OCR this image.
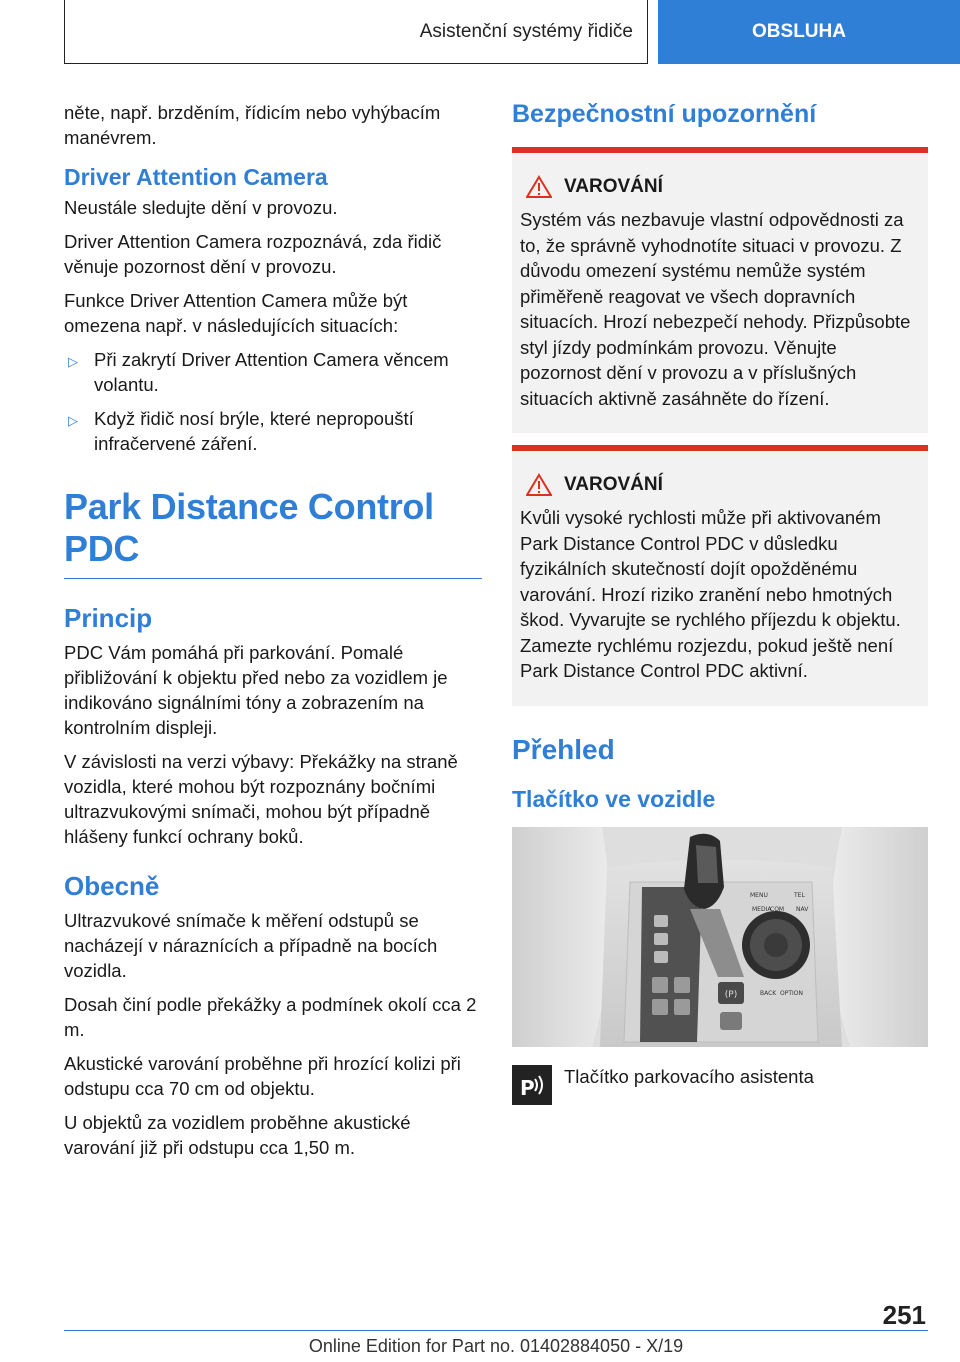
Asistenční systémy řidiče	OBSLUHA

něte, např. brzděním, řídicím nebo vyhýbacím manévrem.

Driver Attention Camera

Neustále sledujte dění v provozu.

Driver Attention Camera rozpoznává, zda řidič věnuje pozornost dění v provozu.

Funkce Driver Attention Camera může být omezena např. v následujících situacích:

▷ Při zakrytí Driver Attention Camera věncem volantu.
▷ Když řidič nosí brýle, které nepropouští infračervené záření.
Park Distance Control PDC
Princip

PDC Vám pomáhá při parkování. Pomalé přibližování k objektu před nebo za vozidlem je indikováno signálními tóny a zobrazením na kontrolním displeji.

V závislosti na verzi výbavy: Překážky na straně vozidla, které mohou být rozpoznány bočními ultrazvukovými snímači, mohou být případně hlášeny funkcí ochrany boků.

Obecně

Ultrazvukové snímače k měření odstupů se nacházejí v náraznících a případně na bocích vozidla.

Dosah činí podle překážky a podmínek okolí cca 2 m.

Akustické varování proběhne při hrozící kolizi při odstupu cca 70 cm od objektu.

U objektů za vozidlem proběhne akustické varování již při odstupu cca 1,50 m.

Bezpečnostní upozornění
VAROVÁNÍ

Systém vás nezbavuje vlastní odpovědnosti za to, že správně vyhodnotíte situaci v provozu. Z důvodu omezení systému nemůže systém přiměřeně reagovat ve všech dopravních situacích. Hrozí nebezpečí nehody. Přizpůsobte styl jízdy podmínkám provozu. Věnujte pozornost dění v provozu a v příslušných situacích aktivně zasáhněte do řízení.

VAROVÁNÍ

Kvůli vysoké rychlosti může při aktivovaném Park Distance Control PDC v důsledku fyzikálních skutečností dojít opožděnému varování. Hrozí riziko zranění nebo hmotných škod. Vyvarujte se rychlého příjezdu k objektu. Zamezte rychlému rozjezdu, pokud ještě není Park Distance Control PDC aktivní.

Přehled
Tlačítko ve vozidle
(P)
MENU	TEL
MEDIA
COM NAV
BACK OPTION
P Tlačítko parkovacího asistenta
251
Online Edition for Part no. 01402884050 - X/19
